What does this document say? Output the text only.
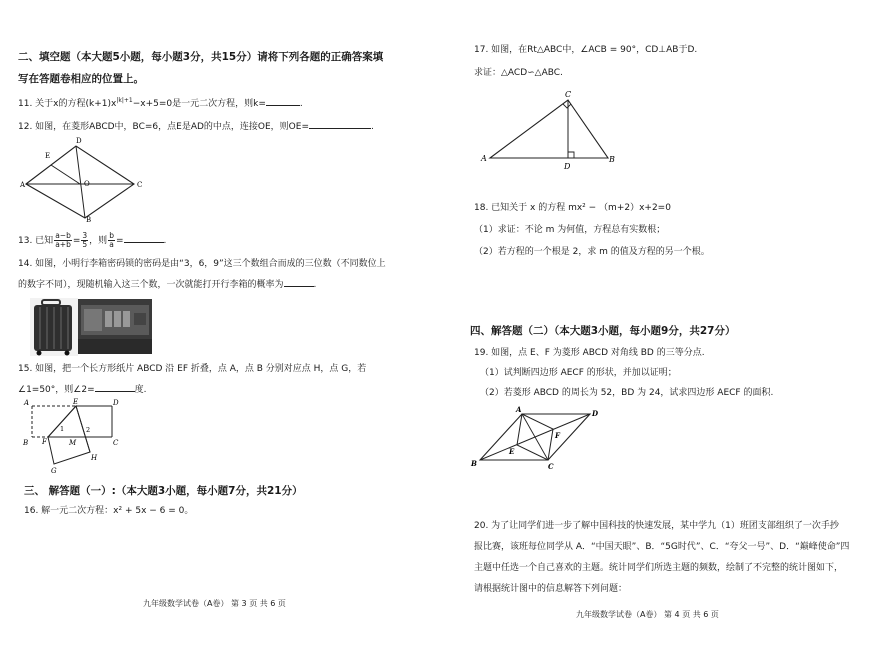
二、填空题（本大题5小题，每小题3分，共15分）请将下列各题的正确答案填
写在答题卷相应的位置上。
11. 关于x的方程$(k+1)x^{|k|+1}-x+5=0$是一元二次方程，则k=	.
12. 如图，在菱形ABCD中，BC=6，点E是AD的中点，连接OE，则OE=	.
A
B
C
D
E
O
13. 已知 $\frac{a-b}{a+b} = \frac{3}{5}$ ，则 $\frac{b}{a}$ =	.
14. 如图，小明行李箱密码锁的密码是由“3，6，9”这三个数组合而成的三位数（不同数位上
的数字不同），现随机输入这三个数，一次就能打开行李箱的概率为	.
15. 如图，把一个长方形纸片 ABCD 沿 EF 折叠，点 A，点 B 分别对应点 H，点 G，若
∠1=50°，则∠2=	度.
A	E	D
B F	C
M
G
H
1	2
三、 解答题（一）:（本大题3小题，每小题7分，共21分）
16. 解一元二次方程：x² + 5x − 6 = 0。
九年级数学试卷（A卷） 第 3 页 共 6 页
17. 如图，在Rt△ABC中，∠ACB = 90°，CD⊥AB于D.
求证：△ACD∽△ABC.
A	B
C
D
18. 已知关于 x 的方程 mx² − （m+2）x+2=0
（1）求证：不论 m 为何值，方程总有实数根；
（2）若方程的一个根是 2，求 m 的值及方程的另一个根。
四、解答题（二）（本大题3小题，每小题9分，共27分）
19. 如图，点 E、F 为菱形 ABCD 对角线 BD 的三等分点.
（1）试判断四边形 AECF 的形状，并加以证明；
（2）若菱形 ABCD 的周长为 52，BD 为 24，试求四边形 AECF 的面积.
B
A	D
C
E
F
20. 为了让同学们进一步了解中国科技的快速发展，某中学九（1）班团支部组织了一次手抄
报比赛，该班每位同学从 A．“中国天眼”、B．“5G时代”、C．“夸父一号”、D．“巅峰使命”四
主题中任选一个自己喜欢的主题。统计同学们所选主题的频数，绘制了不完整的统计图如下，
请根据统计图中的信息解答下列问题：
九年级数学试卷（A卷） 第 4 页 共 6 页
